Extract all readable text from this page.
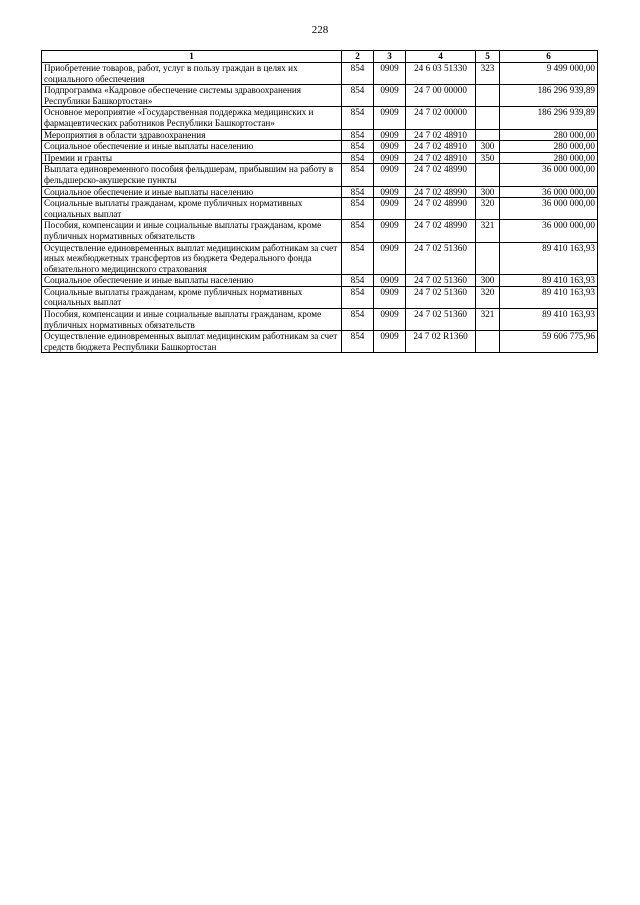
228
1	2	3	4	5	6
Приобретение товаров, работ, услуг в пользу граждан в целях их социального обеспечения	854	0909	24 6 03 51330	323	9 499 000,00
Подпрограмма «Кадровое обеспечение системы здравоохранения Республики Башкортостан»	854	0909	24 7 00 00000		186 296 939,89
Основное мероприятие «Государственная поддержка медицинских и фармацевтических работников Республики Башкортостан»	854	0909	24 7 02 00000		186 296 939,89
Мероприятия в области здравоохранения	854	0909	24 7 02 48910		280 000,00
Социальное обеспечение и иные выплаты населению	854	0909	24 7 02 48910	300	280 000,00
Премии и гранты	854	0909	24 7 02 48910	350	280 000,00
Выплата единовременного пособия фельдшерам, прибывшим на работу в фельдшерско-акушерские пункты	854	0909	24 7 02 48990		36 000 000,00
Социальное обеспечение и иные выплаты населению	854	0909	24 7 02 48990	300	36 000 000,00
Социальные выплаты гражданам, кроме публичных нормативных социальных выплат	854	0909	24 7 02 48990	320	36 000 000,00
Пособия, компенсации и иные социальные выплаты гражданам, кроме публичных нормативных обязательств	854	0909	24 7 02 48990	321	36 000 000,00
Осуществление единовременных выплат медицинским работникам за счет иных межбюджетных трансфертов из бюджета Федерального фонда обязательного медицинского страхования	854	0909	24 7 02 51360		89 410 163,93
Социальное обеспечение и иные выплаты населению	854	0909	24 7 02 51360	300	89 410 163,93
Социальные выплаты гражданам, кроме публичных нормативных социальных выплат	854	0909	24 7 02 51360	320	89 410 163,93
Пособия, компенсации и иные социальные выплаты гражданам, кроме публичных нормативных обязательств	854	0909	24 7 02 51360	321	89 410 163,93
Осуществление единовременных выплат медицинским работникам за счет средств бюджета Республики Башкортостан	854	0909	24 7 02 R1360		59 606 775,96
